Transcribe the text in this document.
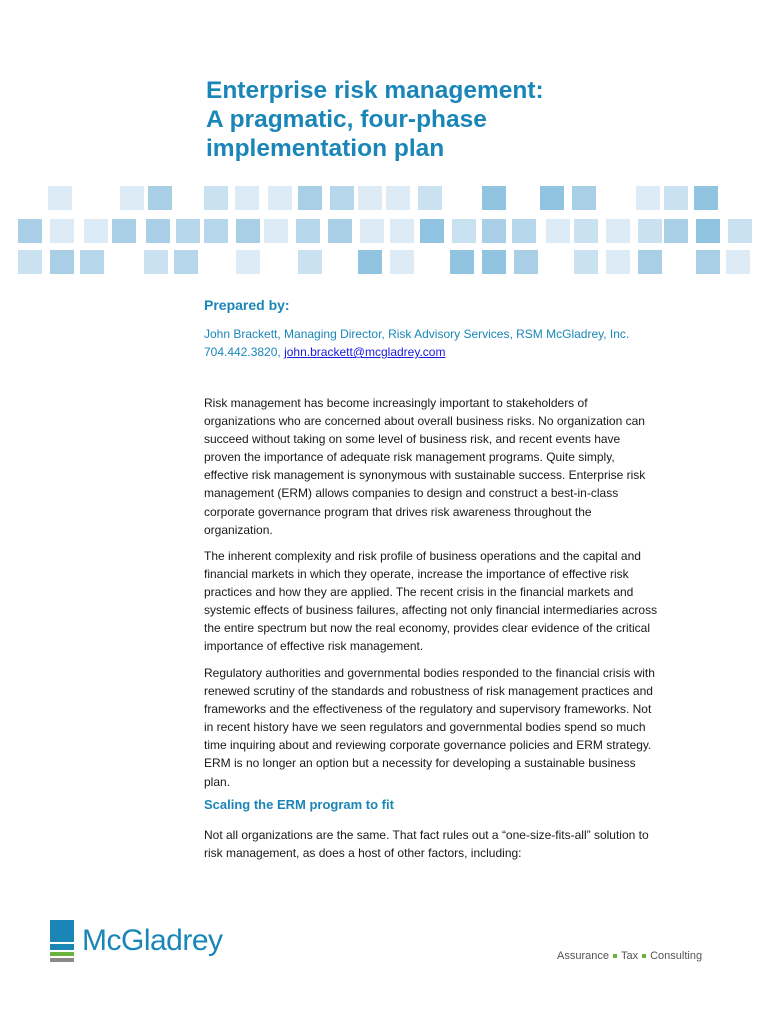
Enterprise risk management:
A pragmatic, four-phase
implementation plan
Prepared by:
John Brackett, Managing Director, Risk Advisory Services, RSM McGladrey, Inc.
704.442.3820, john.brackett@mcgladrey.com

Risk management has become increasingly important to stakeholders of
organizations who are concerned about overall business risks. No organization can
succeed without taking on some level of business risk, and recent events have
proven the importance of adequate risk management programs. Quite simply,
effective risk management is synonymous with sustainable success. Enterprise risk
management (ERM) allows companies to design and construct a best-in-class
corporate governance program that drives risk awareness throughout the
organization.

The inherent complexity and risk profile of business operations and the capital and
financial markets in which they operate, increase the importance of effective risk
practices and how they are applied. The recent crisis in the financial markets and
systemic effects of business failures, affecting not only financial intermediaries across
the entire spectrum but now the real economy, provides clear evidence of the critical
importance of effective risk management.

Regulatory authorities and governmental bodies responded to the financial crisis with
renewed scrutiny of the standards and robustness of risk management practices and
frameworks and the effectiveness of the regulatory and supervisory frameworks. Not
in recent history have we seen regulators and governmental bodies spend so much
time inquiring about and reviewing corporate governance policies and ERM strategy.
ERM is no longer an option but a necessity for developing a sustainable business
plan.

Scaling the ERM program to fit

Not all organizations are the same. That fact rules out a “one-size-fits-all” solution to
risk management, as does a host of other factors, including:

McGladrey	Assurance Tax Consulting
